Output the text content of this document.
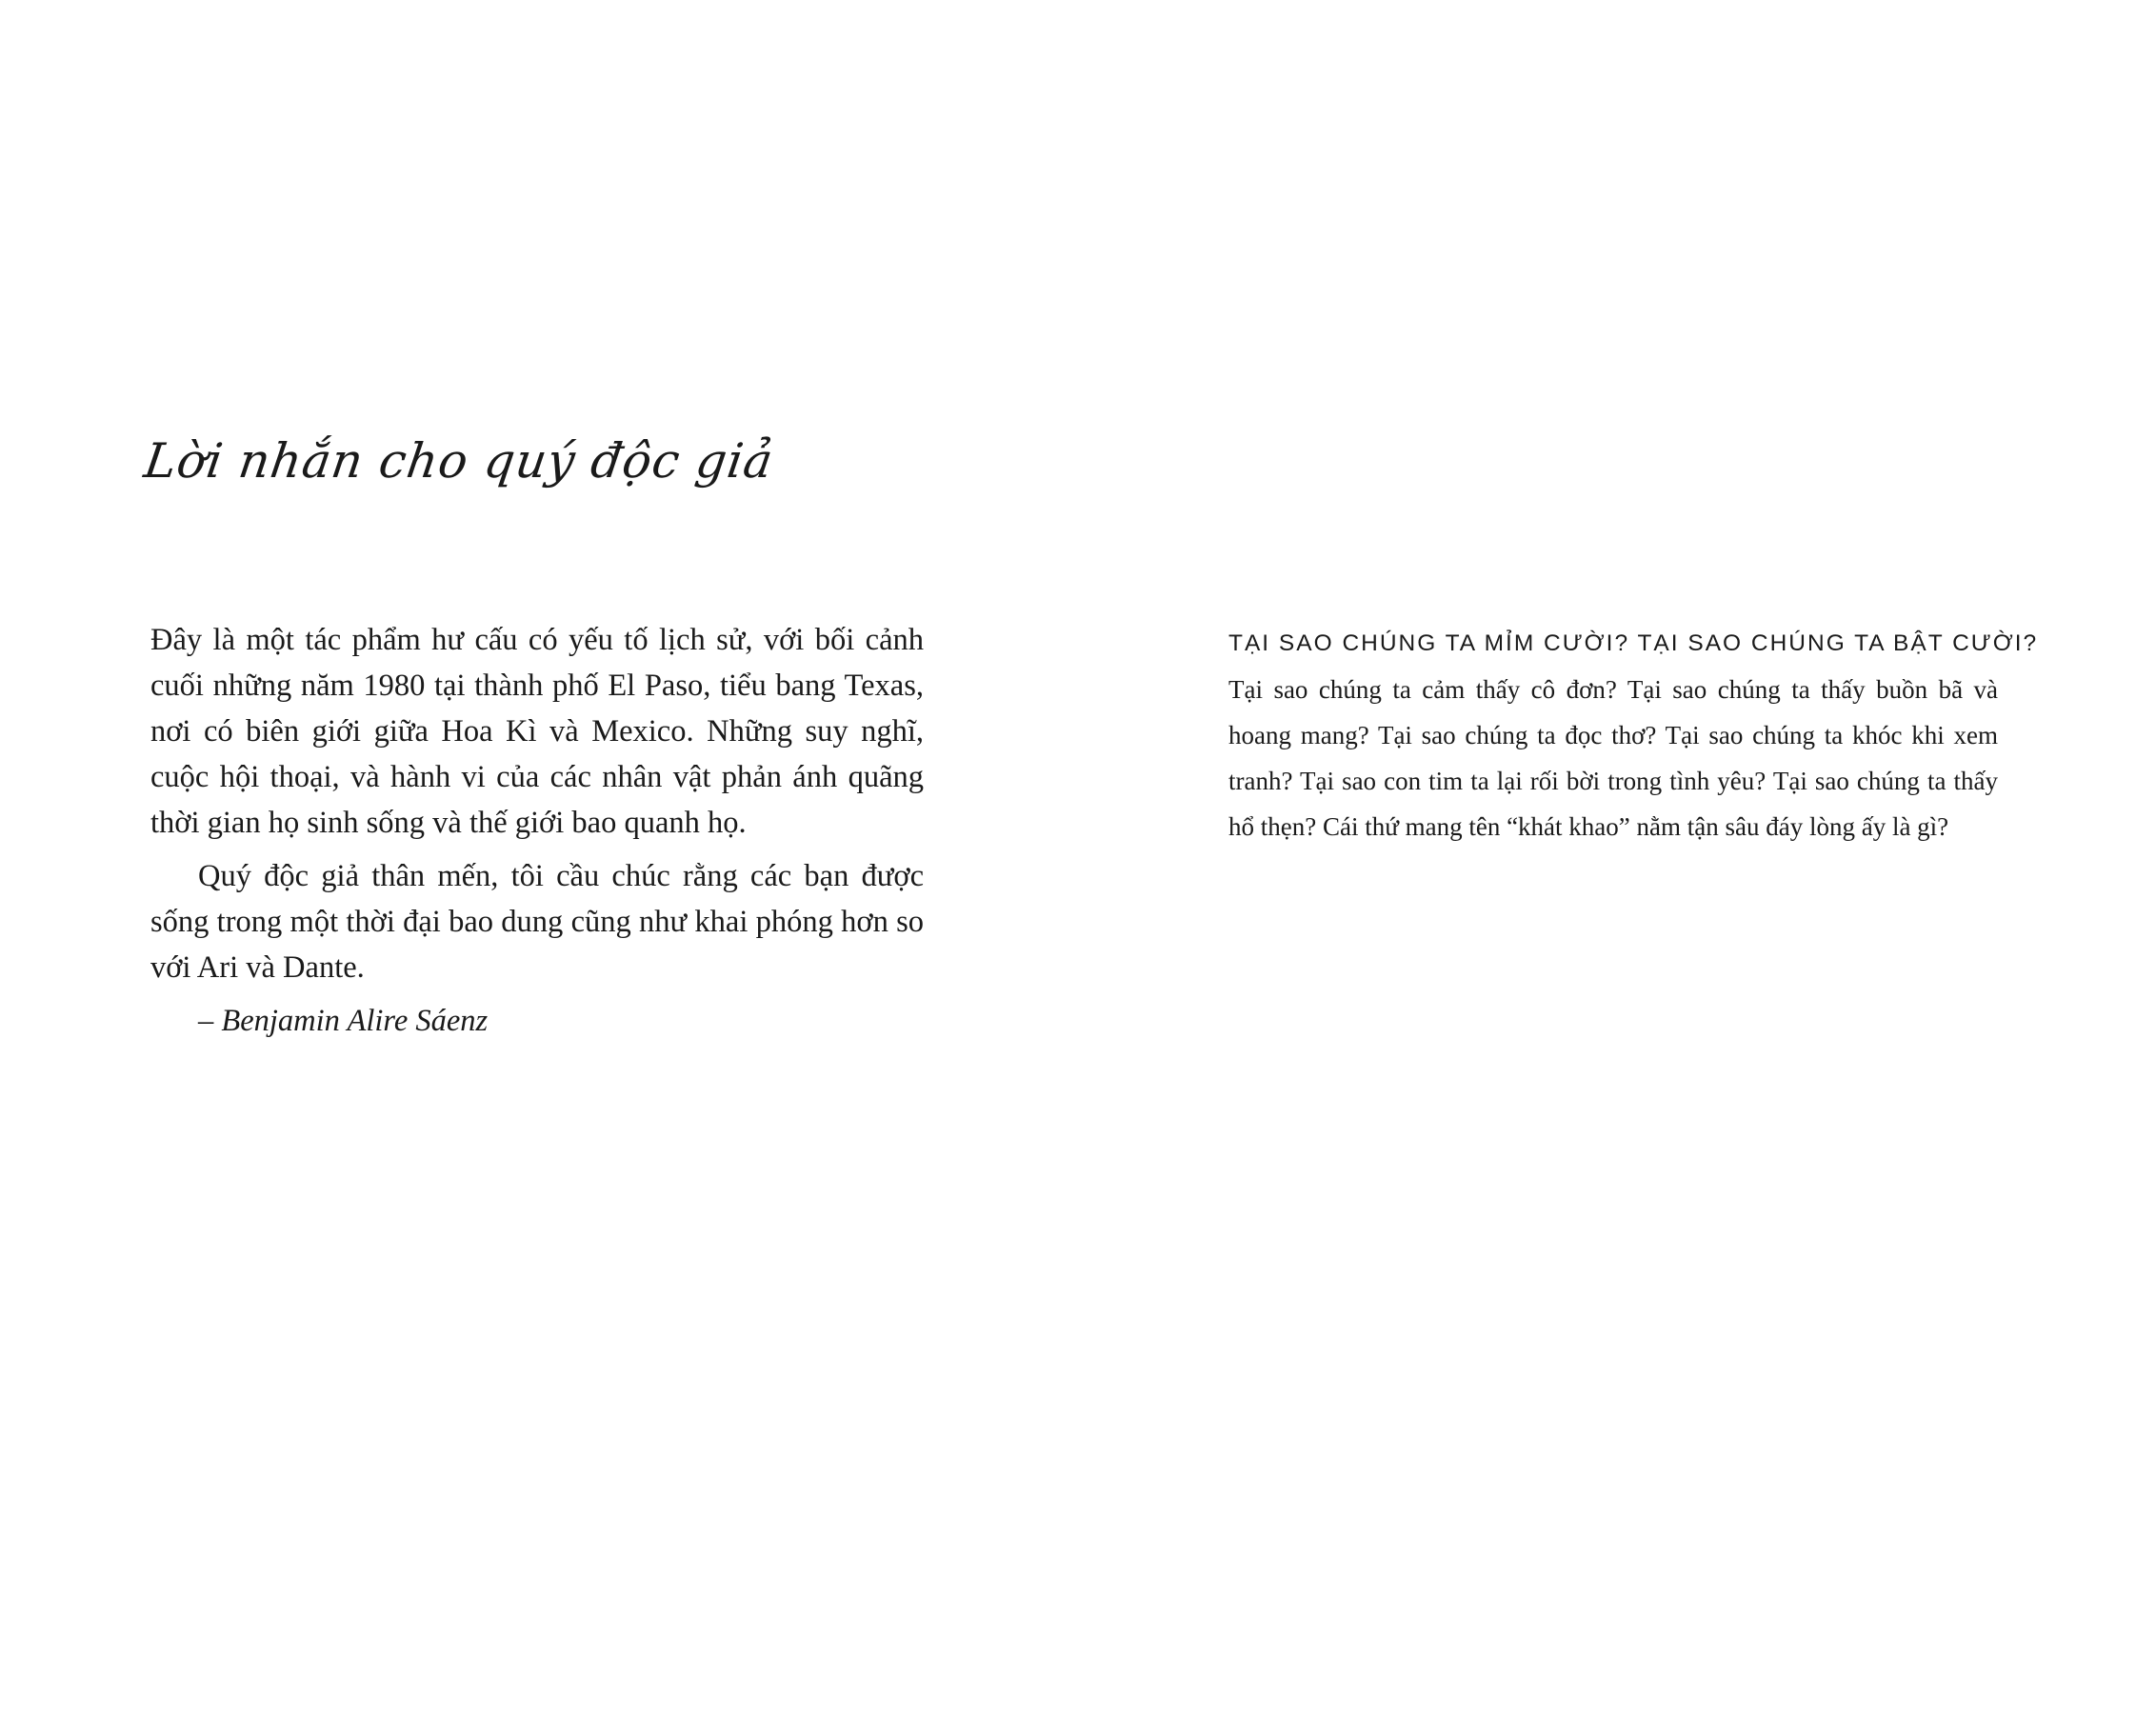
Lời nhắn cho quý độc giả

Đây là một tác phẩm hư cấu có yếu tố lịch sử, với bối cảnh cuối những năm 1980 tại thành phố El Paso, tiểu bang Texas, nơi có biên giới giữa Hoa Kì và Mexico. Những suy nghĩ, cuộc hội thoại, và hành vi của các nhân vật phản ánh quãng thời gian họ sinh sống và thế giới bao quanh họ.

Quý độc giả thân mến, tôi cầu chúc rằng các bạn được sống trong một thời đại bao dung cũng như khai phóng hơn so với Ari và Dante.

– Benjamin Alire Sáenz

TẠI SAO CHÚNG TA MỈM CƯỜI? TẠI SAO CHÚNG TA BẬT CƯỜI?

Tại sao chúng ta cảm thấy cô đơn? Tại sao chúng ta thấy buồn bã và hoang mang? Tại sao chúng ta đọc thơ? Tại sao chúng ta khóc khi xem tranh? Tại sao con tim ta lại rối bời trong tình yêu? Tại sao chúng ta thấy hổ thẹn? Cái thứ mang tên “khát khao” nằm tận sâu đáy lòng ấy là gì?
